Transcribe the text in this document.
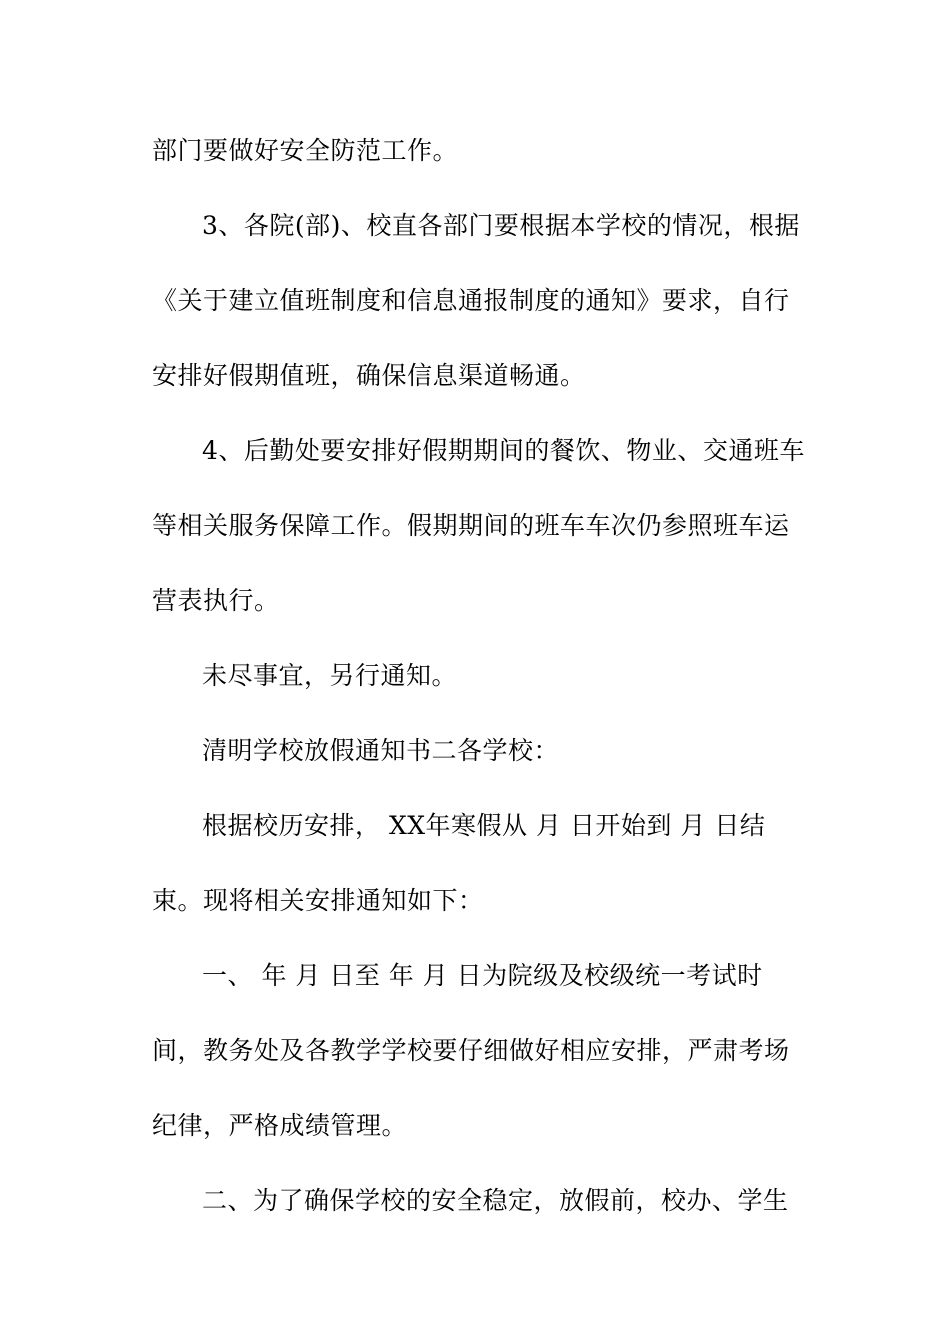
部门要做好安全防范工作。
3、各院(部)、校直各部门要根据本学校的情况，根据
《关于建立值班制度和信息通报制度的通知》要求，自行
安排好假期值班，确保信息渠道畅通。
4、后勤处要安排好假期期间的餐饮、物业、交通班车
等相关服务保障工作。假期期间的班车车次仍参照班车运
营表执行。
未尽事宜，另行通知。
清明学校放假通知书二各学校：
根据校历安排， XX年寒假从 月 日开始到 月 日结
束。现将相关安排通知如下：
一、 年 月 日至 年 月 日为院级及校级统一考试时
间，教务处及各教学学校要仔细做好相应安排，严肃考场
纪律，严格成绩管理。
二、为了确保学校的安全稳定，放假前，校办、学生
